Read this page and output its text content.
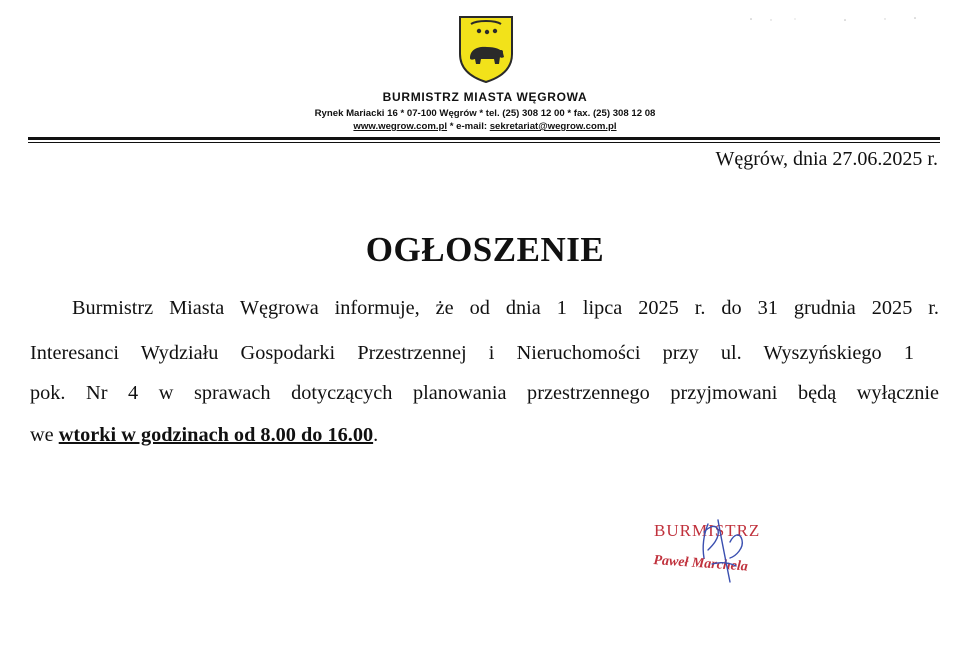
BURMISTRZ MIASTA WĘGROWA
Rynek Mariacki 16 * 07-100 Węgrów * tel. (25) 308 12 00 * fax. (25) 308 12 08
www.wegrow.com.pl * e-mail: sekretariat@wegrow.com.pl
Węgrów, dnia 27.06.2025 r.
OGŁOSZENIE
Burmistrz Miasta Węgrowa informuje, że od dnia 1 lipca 2025 r. do 31 grudnia 2025 r.
Interesanci Wydziału Gospodarki Przestrzennej i Nieruchomości przy ul. Wyszyńskiego 1
pok. Nr 4 w sprawach dotyczących planowania przestrzennego przyjmowani będą wyłącznie
we wtorki w godzinach od 8.00 do 16.00.
BURMISTRZ
Paweł Marchela
